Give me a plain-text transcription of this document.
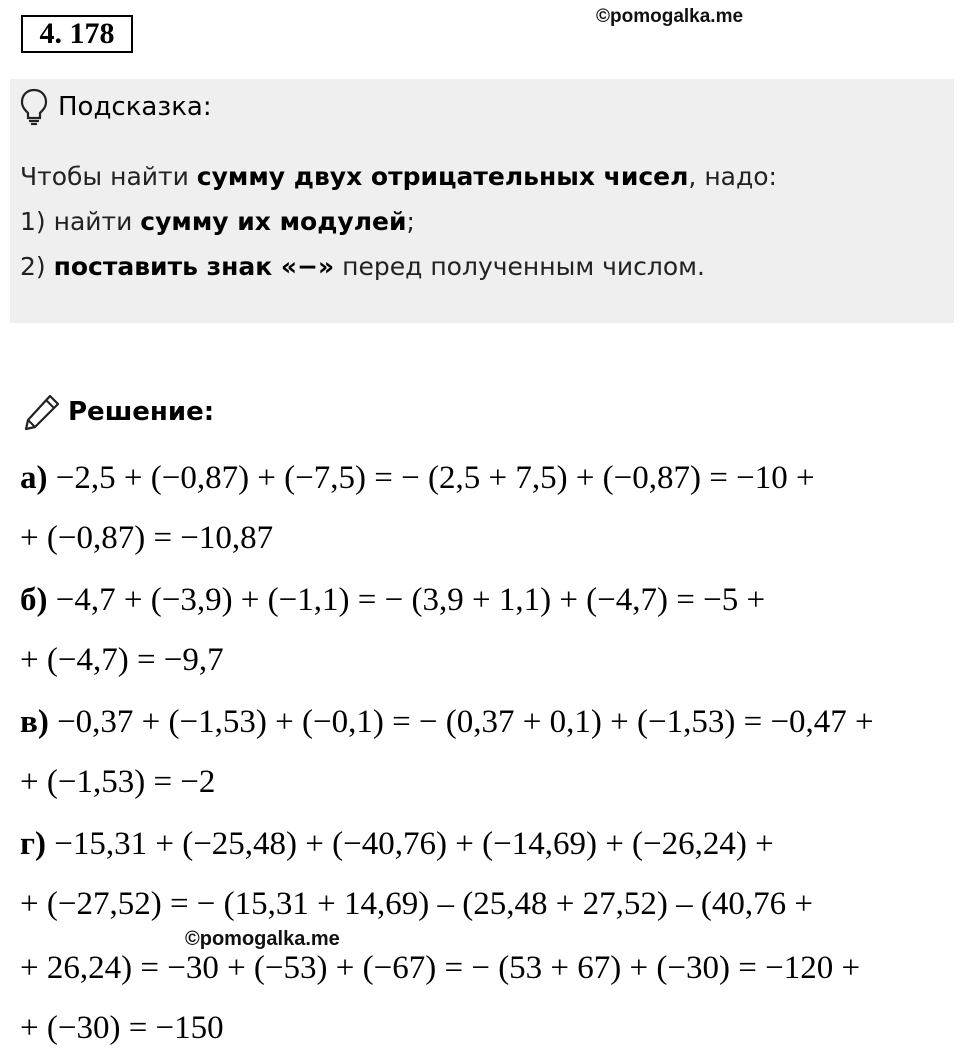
4. 178
©pomogalka.me
Подсказка:
Чтобы найти сумму двух отрицательных чисел, надо:
1) найти сумму их модулей;
2) поставить знак «−» перед полученным числом.
Решение:
а) −2,5 + (−0,87) + (−7,5) = − (2,5 + 7,5) + (−0,87) = −10 +
+ (−0,87) = −10,87
б) −4,7 + (−3,9) + (−1,1) = − (3,9 + 1,1) + (−4,7) = −5 +
+ (−4,7) = −9,7
в) −0,37 + (−1,53) + (−0,1) = − (0,37 + 0,1) + (−1,53) = −0,47 +
+ (−1,53) = −2
г) −15,31 + (−25,48) + (−40,76) + (−14,69) + (−26,24) +
+ (−27,52) = − (15,31 + 14,69) – (25,48 + 27,52) – (40,76 +
+ 26,24) = −30 + (−53) + (−67) = − (53 + 67) + (−30) = −120 +
+ (−30) = −150
©pomogalka.me
